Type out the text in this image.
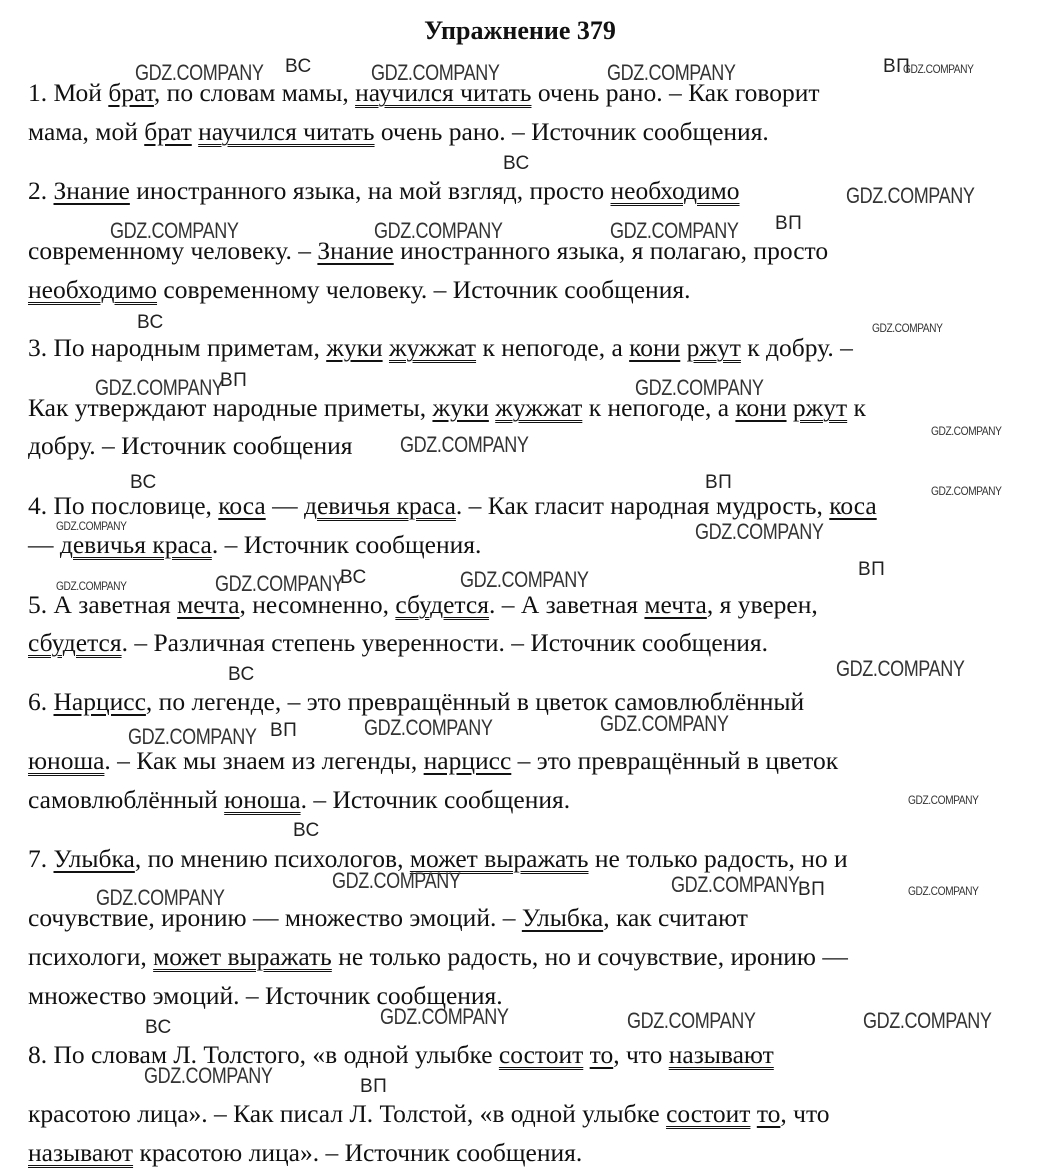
Упражнение 379
1. Мой брат, по словам мамы, научился читать очень рано. – Как говорит
мама, мой брат научился читать очень рано. – Источник сообщения.
2. Знание иностранного языка, на мой взгляд, просто необходимо
современному человеку. – Знание иностранного языка, я полагаю, просто
необходимо современному человеку. – Источник сообщения.
3. По народным приметам, жуки жужжат к непогоде, а кони ржут к добру. –
Как утверждают народные приметы, жуки жужжат к непогоде, а кони ржут к
добру. – Источник сообщения
4. По пословице, коса — девичья краса. – Как гласит народная мудрость, коса
— девичья краса. – Источник сообщения.
5. А заветная мечта, несомненно, сбудется. – А заветная мечта, я уверен,
сбудется. – Различная степень уверенности. – Источник сообщения.
6. Нарцисс, по легенде, – это превращённый в цветок самовлюблённый
юноша. – Как мы знаем из легенды, нарцисс – это превращённый в цветок
самовлюблённый юноша. – Источник сообщения.
7. Улыбка, по мнению психологов, может выражать не только радость, но и
сочувствие, иронию — множество эмоций. – Улыбка, как считают
психологи, может выражать не только радость, но и сочувствие, иронию —
множество эмоций. – Источник сообщения.
8. По словам Л. Толстого, «в одной улыбке состоит то, что называют
красотою лица». – Как писал Л. Толстой, «в одной улыбке состоит то, что
называют красотою лица». – Источник сообщения.
ВС	ВП
ВС
ВП
ВС
ВП
ВС	ВП
ВС	ВП
ВС
ВП
ВС
ВП
ВС
ВП
GDZ.COMPANY	GDZ.COMPANY	GDZ.COMPANY	GDZ.COMPANY
GDZ.COMPANY
GDZ.COMPANY	GDZ.COMPANY	GDZ.COMPANY
GDZ.COMPANY
GDZ.COMPANY	GDZ.COMPANY
GDZ.COMPANY
GDZ.COMPANY
GDZ.COMPANY
GDZ.COMPANY	GDZ.COMPANY
GDZ.COMPANY	GDZ.COMPANY	GDZ.COMPANY
GDZ.COMPANY
GDZ.COMPANY
GDZ.COMPANY
GDZ.COMPANY
GDZ.COMPANY
GDZ.COMPANY	GDZ.COMPANY	GDZ.COMPANY
GDZ.COMPANY
GDZ.COMPANY	GDZ.COMPANY	GDZ.COMPANY
GDZ.COMPANY
